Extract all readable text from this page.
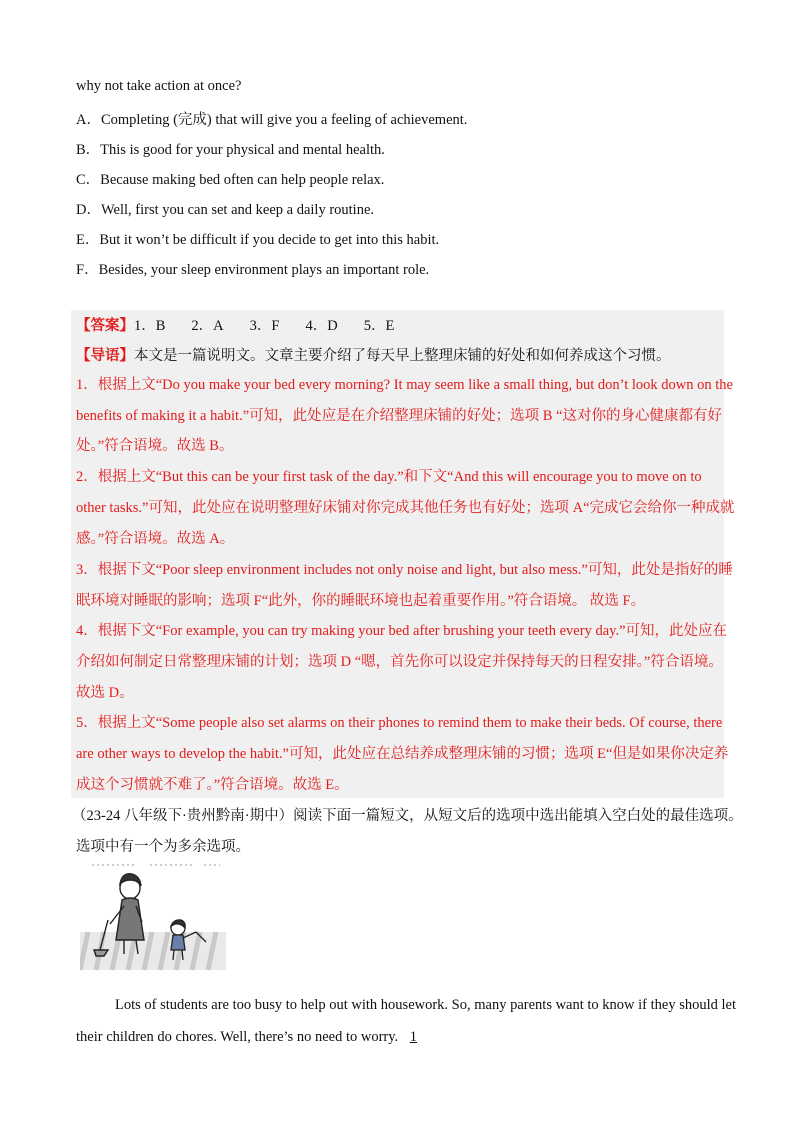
why not take action at once?
A．Completing (完成) that will give you a feeling of achievement.
B．This is good for your physical and mental health.
C．Because making bed often can help people relax.
D．Well, first you can set and keep a daily routine.
E．But it won’t be difficult if you decide to get into this habit.
F．Besides, your sleep environment plays an important role.
【答案】1．B 2．A 3．F 4．D 5．E
【导语】本文是一篇说明文。文章主要介绍了每天早上整理床铺的好处和如何养成这个习惯。
1．根据上文“Do you make your bed every morning? It may seem like a small thing, but don’t look down on the
benefits of making it a habit.”可知，此处应是在介绍整理床铺的好处；选项 B “这对你的身心健康都有好
处。”符合语境。故选 B。
2．根据上文“But this can be your first task of the day.”和下文“And this will encourage you to move on to
other tasks.”可知，此处应在说明整理好床铺对你完成其他任务也有好处；选项 A“完成它会给你一种成就
感。”符合语境。故选 A。
3．根据下文“Poor sleep environment includes not only noise and light, but also mess.”可知，此处是指好的睡
眠环境对睡眠的影响；选项 F“此外，你的睡眠环境也起着重要作用。”符合语境。 故选 F。
4．根据下文“For example, you can try making your bed after brushing your teeth every day.”可知，此处应在
介绍如何制定日常整理床铺的计划；选项 D “嗯，首先你可以设定并保持每天的日程安排。”符合语境。
故选 D。
5．根据上文“Some people also set alarms on their phones to remind them to make their beds. Of course, there
are other ways to develop the habit.”可知，此处应在总结养成整理床铺的习惯；选项 E“但是如果你决定养
成这个习惯就不难了。”符合语境。故选 E。
（23-24 八年级下·贵州黔南·期中）阅读下面一篇短文，从短文后的选项中选出能填入空白处的最佳选项。
选项中有一个为多余选项。
Lots of students are too busy to help out with housework. So, many parents want to know if they should let
their children do chores. Well, there’s no need to worry. 1
